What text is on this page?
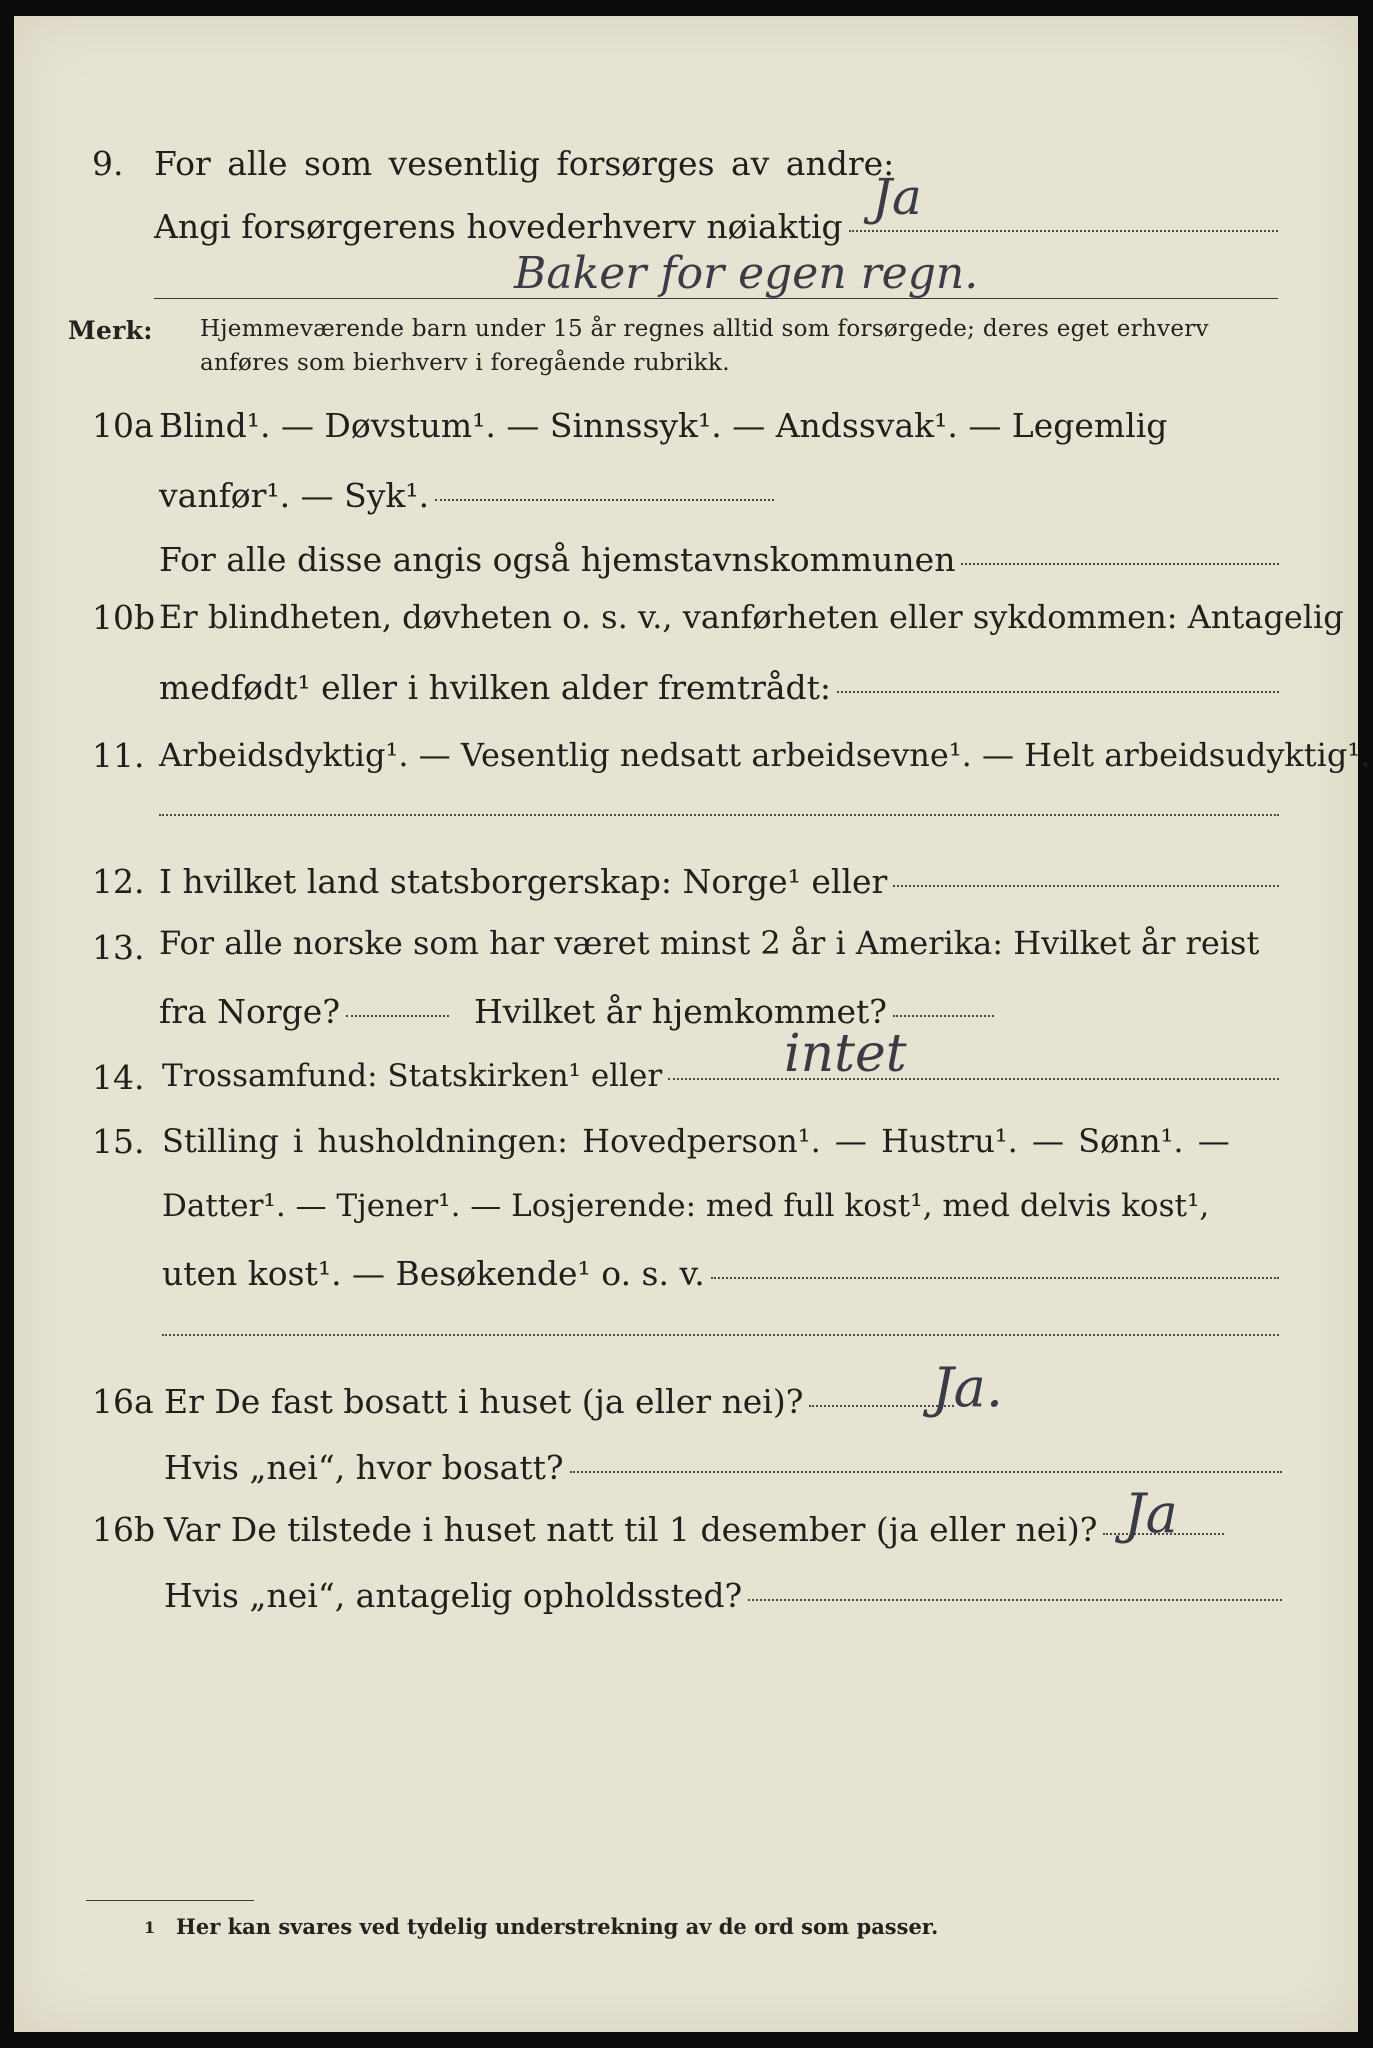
9. For alle som vesentlig forsørges av andre:
Angi forsørgerens hovederhverv nøiaktig
Ja
Baker for egen regn.
Merk: Hjemmeværende barn under 15 år regnes alltid som forsørgede; deres eget erhverv
anføres som bierhverv i foregående rubrikk.
10a Blind¹. — Døvstum¹. — Sinnssyk¹. — Andssvak¹. — Legemlig
vanfør¹. — Syk¹.
For alle disse angis også hjemstavnskommunen
10b Er blindheten, døvheten o. s. v., vanførheten eller sykdommen: Antagelig
medfødt¹ eller i hvilken alder fremtrådt:
11. Arbeidsdyktig¹. — Vesentlig nedsatt arbeidsevne¹. — Helt arbeidsudyktig¹.
12. I hvilket land statsborgerskap: Norge¹ eller
13. For alle norske som har været minst 2 år i Amerika: Hvilket år reist
fra Norge?	Hvilket år hjemkommet?
14. Trossamfund: Statskirken¹ eller intet
15. Stilling i husholdningen: Hovedperson¹. — Hustru¹. — Sønn¹. —
Datter¹. — Tjener¹. — Losjerende: med full kost¹, med delvis kost¹,
uten kost¹. — Besøkende¹ o. s. v.
16a Er De fast bosatt i huset (ja eller nei)? Ja.
Hvis „nei“, hvor bosatt?
16b Var De tilstede i huset natt til 1 desember (ja eller nei)? Ja
Hvis „nei“, antagelig opholdssted?
1 Her kan svares ved tydelig understrekning av de ord som passer.
